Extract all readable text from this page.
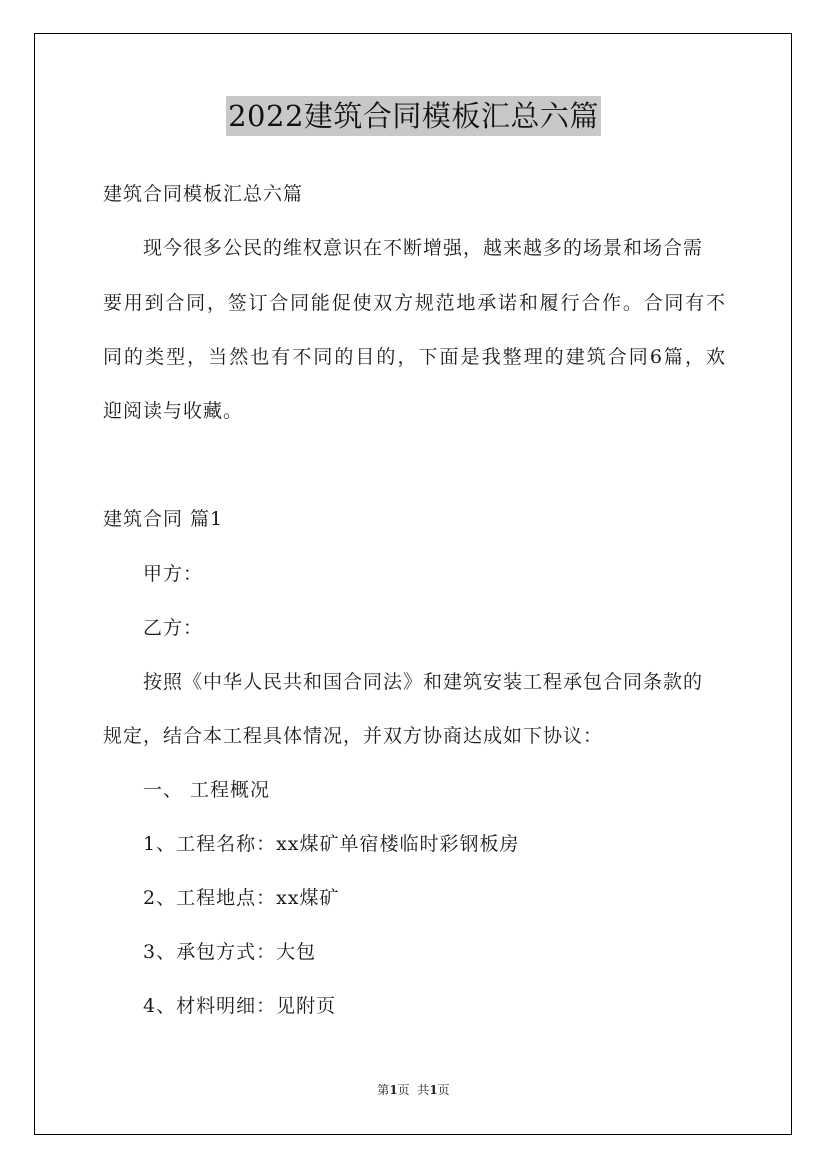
2022建筑合同模板汇总六篇
建筑合同模板汇总六篇
现今很多公民的维权意识在不断增强，越来越多的场景和场合需
要用到合同，签订合同能促使双方规范地承诺和履行合作。合同有不
同的类型，当然也有不同的目的，下面是我整理的建筑合同6篇，欢
迎阅读与收藏。
建筑合同 篇1
甲方：
乙方：
按照《中华人民共和国合同法》和建筑安装工程承包合同条款的
规定，结合本工程具体情况，并双方协商达成如下协议：
一、 工程概况
1、工程名称：xx煤矿单宿楼临时彩钢板房
2、工程地点：xx煤矿
3、承包方式：大包
4、材料明细：见附页
第1页  共1页
